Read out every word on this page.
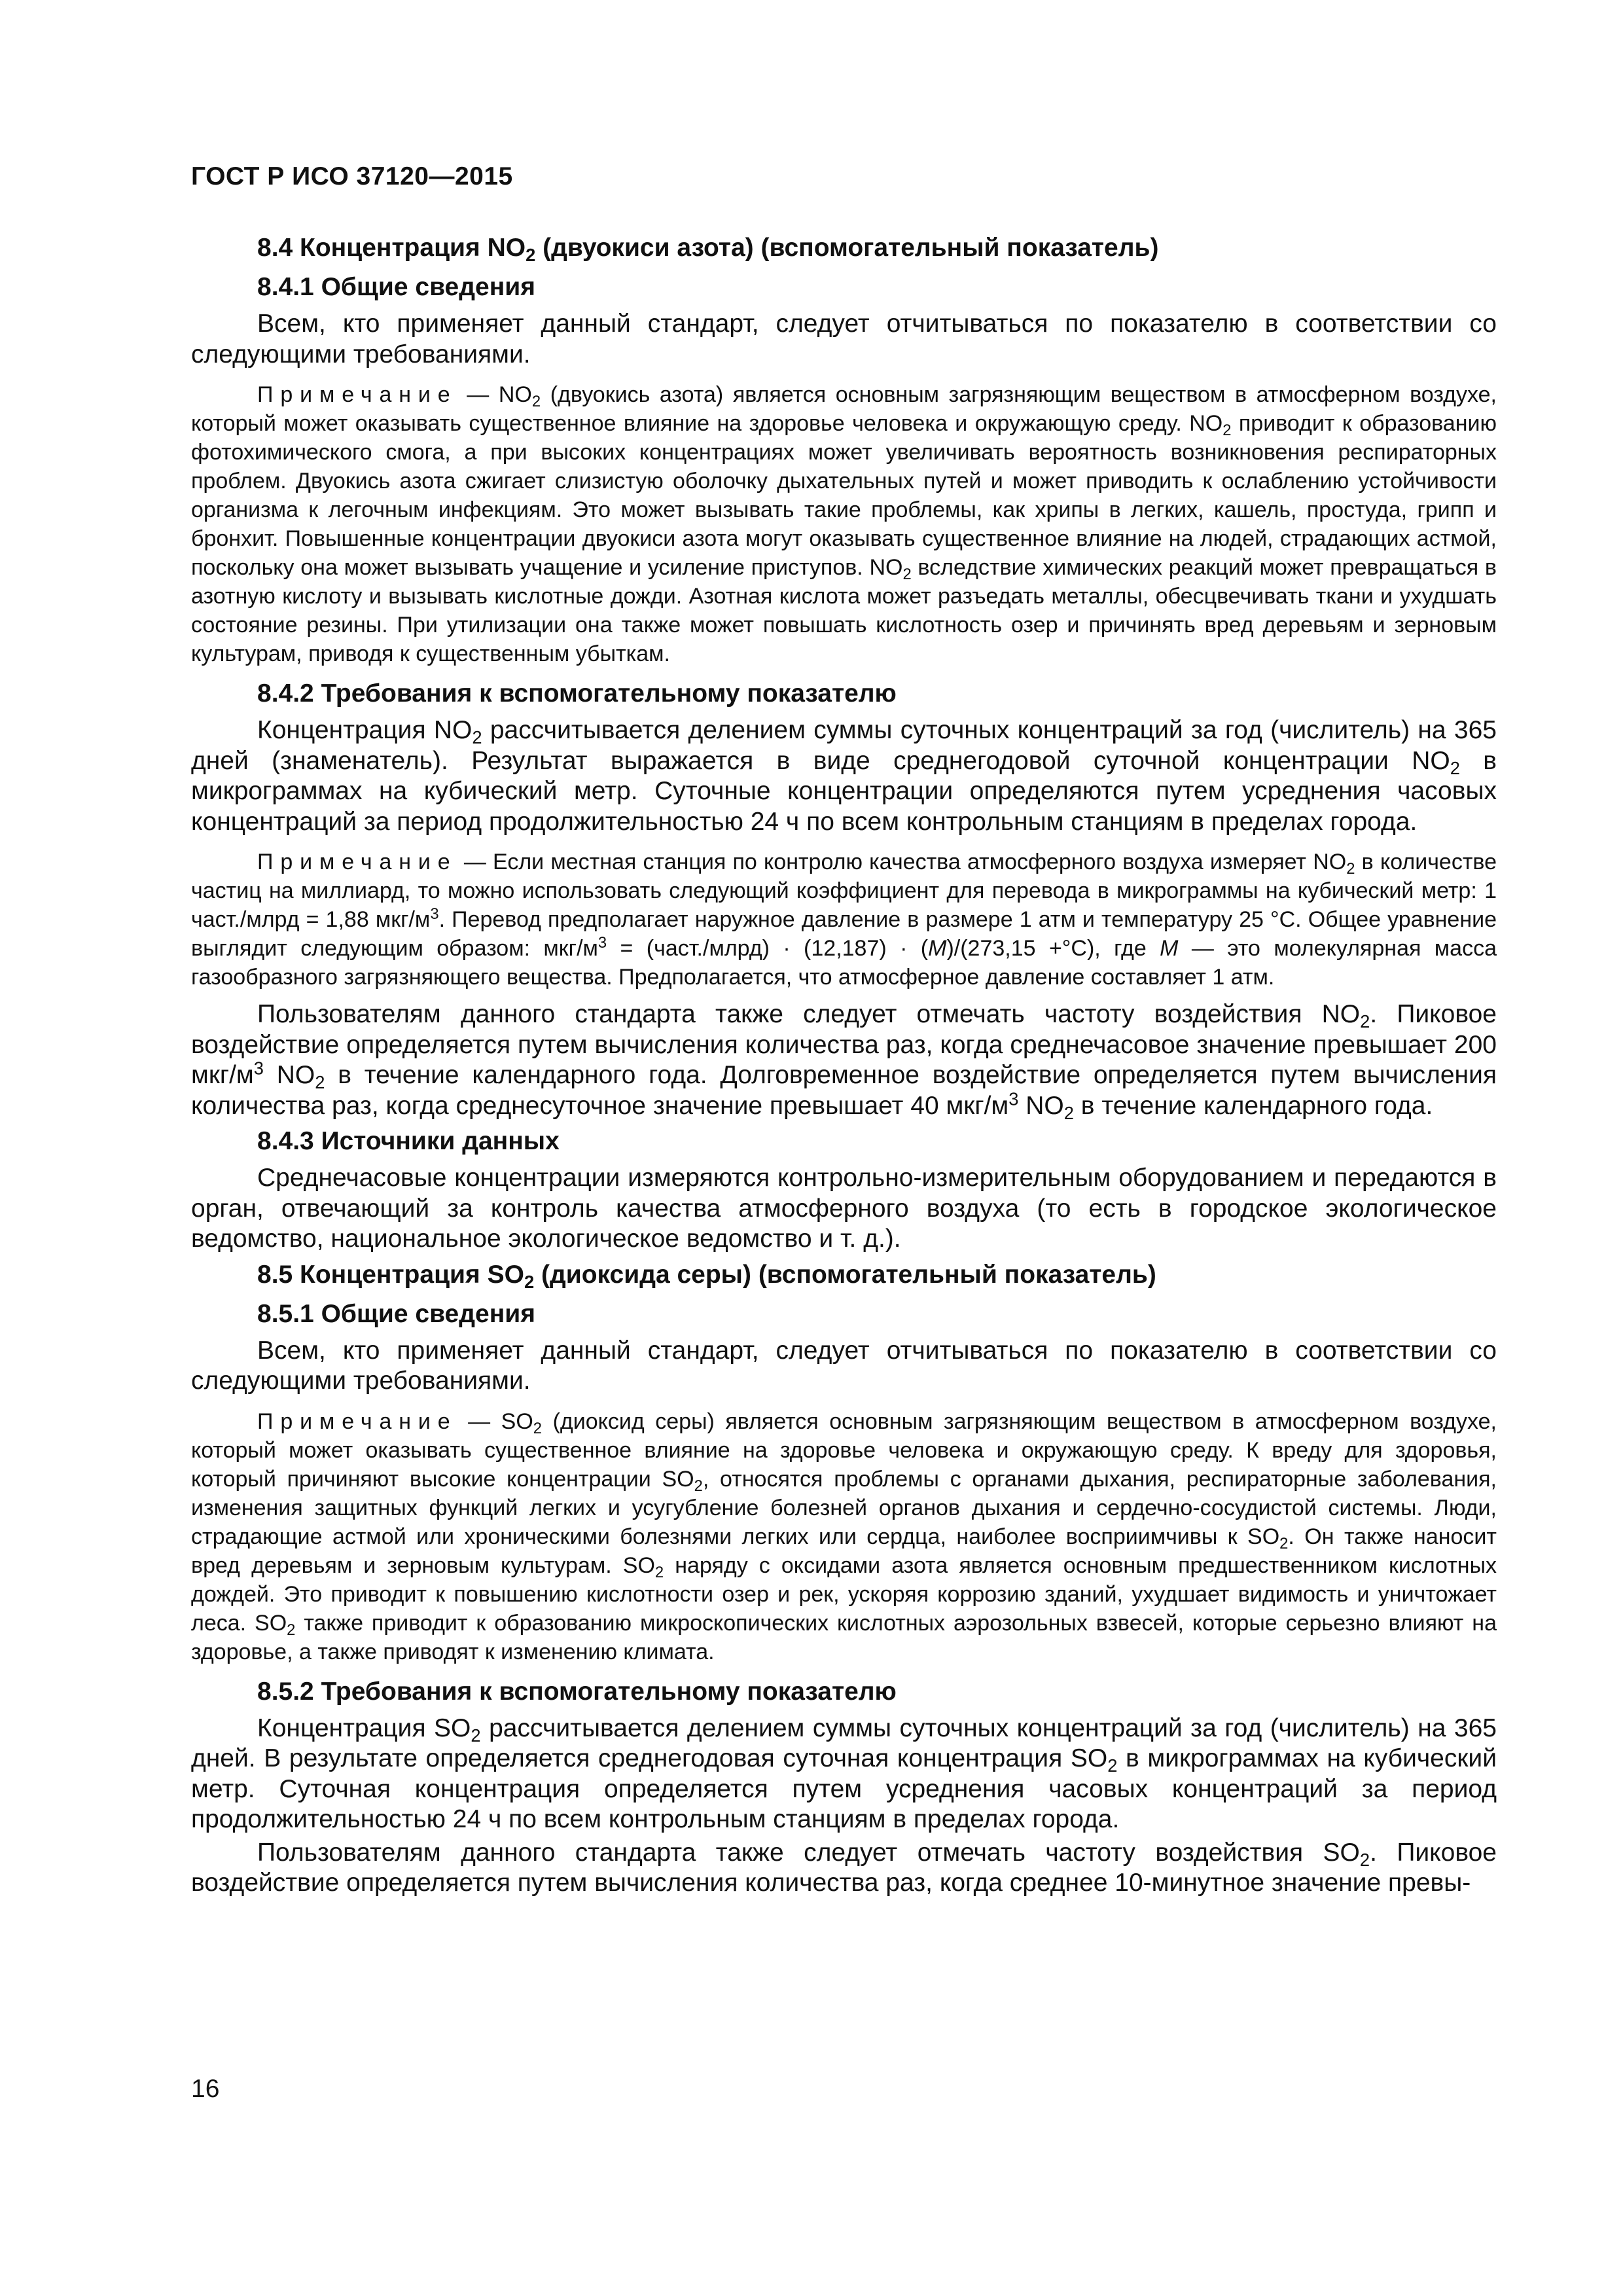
ГОСТ Р ИСО 37120—2015
8.4 Концентрация $NO_2$ (двуокиси азота) (вспомогательный показатель)
8.4.1 Общие сведения
Всем, кто применяет данный стандарт, следует отчитываться по показателю в соответствии со следующими требованиями.
Примечание — $NO_2$ (двуокись азота) является основным загрязняющим веществом в атмосферном воздухе, который может оказывать существенное влияние на здоровье человека и окружающую среду. $NO_2$ приводит к образованию фотохимического смога, а при высоких концентрациях может увеличивать вероятность возникновения респираторных проблем. Двуокись азота сжигает слизистую оболочку дыхательных путей и может приводить к ослаблению устойчивости организма к легочным инфекциям. Это может вызывать такие проблемы, как хрипы в легких, кашель, простуда, грипп и бронхит. Повышенные концентрации двуокиси азота могут оказывать существенное влияние на людей, страдающих астмой, поскольку она может вызывать учащение и усиление приступов. $NO_2$ вследствие химических реакций может превращаться в азотную кислоту и вызывать кислотные дожди. Азотная кислота может разъедать металлы, обесцвечивать ткани и ухудшать состояние резины. При утилизации она также может повышать кислотность озер и причинять вред деревьям и зерновым культурам, приводя к существенным убыткам.
8.4.2 Требования к вспомогательному показателю
Концентрация $NO_2$ рассчитывается делением суммы суточных концентраций за год (числитель) на 365 дней (знаменатель). Результат выражается в виде среднегодовой суточной концентрации $NO_2$ в микрограммах на кубический метр. Суточные концентрации определяются путем усреднения часовых концентраций за период продолжительностью 24 ч по всем контрольным станциям в пределах города.
Примечание — Если местная станция по контролю качества атмосферного воздуха измеряет $NO_2$ в количестве частиц на миллиард, то можно использовать следующий коэффициент для перевода в микрограммы на кубический метр: 1 част./млрд = 1,88 мкг/$м^3$. Перевод предполагает наружное давление в размере 1 атм и температуру 25 °С. Общее уравнение выглядит следующим образом: мкг/$м^3$ = (част./млрд) · (12,187) · (М)/(273,15 +°С), где М — это молекулярная масса газообразного загрязняющего вещества. Предполагается, что атмосферное давление составляет 1 атм.
Пользователям данного стандарта также следует отмечать частоту воздействия $NO_2$. Пиковое воздействие определяется путем вычисления количества раз, когда среднечасовое значение превышает 200 мкг/$м^3$ $NO_2$ в течение календарного года. Долговременное воздействие определяется путем вычисления количества раз, когда среднесуточное значение превышает 40 мкг/$м^3$ $NO_2$ в течение календарного года.
8.4.3 Источники данных
Среднечасовые концентрации измеряются контрольно-измерительным оборудованием и передаются в орган, отвечающий за контроль качества атмосферного воздуха (то есть в городское экологическое ведомство, национальное экологическое ведомство и т. д.).
8.5 Концентрация $SO_2$ (диоксида серы) (вспомогательный показатель)
8.5.1 Общие сведения
Всем, кто применяет данный стандарт, следует отчитываться по показателю в соответствии со следующими требованиями.
Примечание — $SO_2$ (диоксид серы) является основным загрязняющим веществом в атмосферном воздухе, который может оказывать существенное влияние на здоровье человека и окружающую среду. К вреду для здоровья, который причиняют высокие концентрации $SO_2$, относятся проблемы с органами дыхания, респираторные заболевания, изменения защитных функций легких и усугубление болезней органов дыхания и сердечно-сосудистой системы. Люди, страдающие астмой или хроническими болезнями легких или сердца, наиболее восприимчивы к $SO_2$. Он также наносит вред деревьям и зерновым культурам. $SO_2$ наряду с оксидами азота является основным предшественником кислотных дождей. Это приводит к повышению кислотности озер и рек, ускоряя коррозию зданий, ухудшает видимость и уничтожает леса. $SO_2$ также приводит к образованию микроскопических кислотных аэрозольных взвесей, которые серьезно влияют на здоровье, а также приводят к изменению климата.
8.5.2 Требования к вспомогательному показателю
Концентрация $SO_2$ рассчитывается делением суммы суточных концентраций за год (числитель) на 365 дней. В результате определяется среднегодовая суточная концентрация $SO_2$ в микрограммах на кубический метр. Суточная концентрация определяется путем усреднения часовых концентраций за период продолжительностью 24 ч по всем контрольным станциям в пределах города.
Пользователям данного стандарта также следует отмечать частоту воздействия $SO_2$. Пиковое воздействие определяется путем вычисления количества раз, когда среднее 10-минутное значение превы-
16
